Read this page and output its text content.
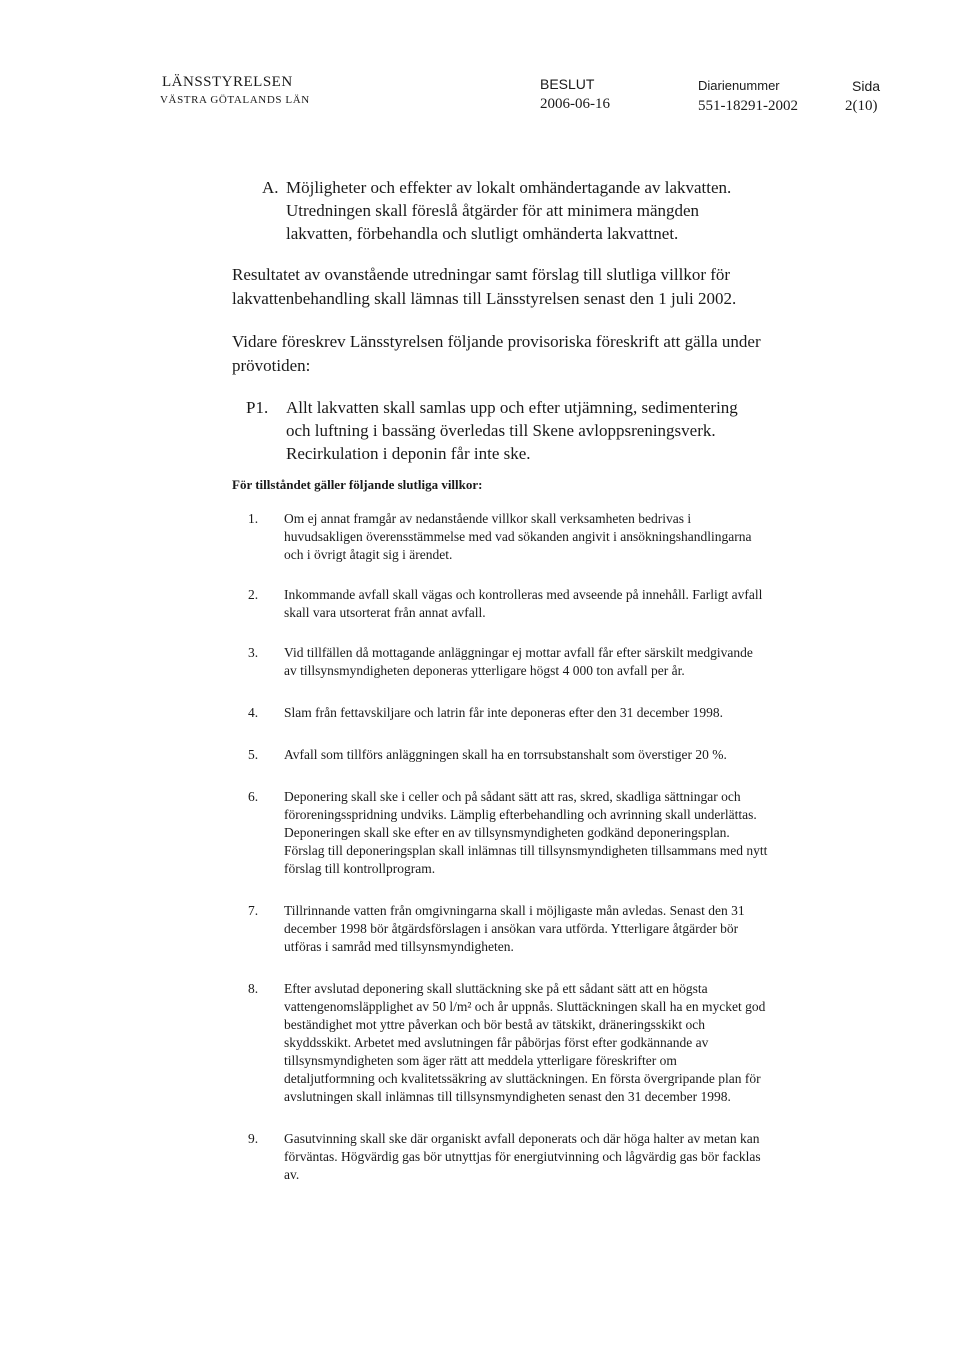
LÄNSSTYRELSEN
VÄSTRA GÖTALANDS LÄN
BESLUT
2006-06-16
Diarienummer
551-18291-2002
Sida
2(10)
A. Möjligheter och effekter av lokalt omhändertagande av lakvatten.
Utredningen skall föreslå åtgärder för att minimera mängden
lakvatten, förbehandla och slutligt omhänderta lakvattnet.
Resultatet av ovanstående utredningar samt förslag till slutliga villkor för lakvattenbehandling skall lämnas till Länsstyrelsen senast den 1 juli 2002.
Vidare föreskrev Länsstyrelsen följande provisoriska föreskrift att gälla under prövotiden:
P1. Allt lakvatten skall samlas upp och efter utjämning, sedimentering och luftning i bassäng överledas till Skene avloppsreningsverk. Recirkulation i deponin får inte ske.
För tillståndet gäller följande slutliga villkor:
1. Om ej annat framgår av nedanstående villkor skall verksamheten bedrivas i huvudsakligen överensstämmelse med vad sökanden angivit i ansökningshandlingarna och i övrigt åtagit sig i ärendet.
2. Inkommande avfall skall vägas och kontrolleras med avseende på innehåll. Farligt avfall skall vara utsorterat från annat avfall.
3. Vid tillfällen då mottagande anläggningar ej mottar avfall får efter särskilt medgivande av tillsynsmyndigheten deponeras ytterligare högst 4 000 ton avfall per år.
4. Slam från fettavskiljare och latrin får inte deponeras efter den 31 december 1998.
5. Avfall som tillförs anläggningen skall ha en torrsubstanshalt som överstiger 20 %.
6. Deponering skall ske i celler och på sådant sätt att ras, skred, skadliga sättningar och föroreningsspridning undviks. Lämplig efterbehandling och avrinning skall underlättas. Deponeringen skall ske efter en av tillsynsmyndigheten godkänd deponeringsplan. Förslag till deponeringsplan skall inlämnas till tillsynsmyndigheten tillsammans med nytt förslag till kontrollprogram.
7. Tillrinnande vatten från omgivningarna skall i möjligaste mån avledas. Senast den 31 december 1998 bör åtgärdsförslagen i ansökan vara utförda. Ytterligare åtgärder bör utföras i samråd med tillsynsmyndigheten.
8. Efter avslutad deponering skall sluttäckning ske på ett sådant sätt att en högsta vattengenomsläpplighet av 50 l/m² och år uppnås. Sluttäckningen skall ha en mycket god beständighet mot yttre påverkan och bör bestå av tätskikt, dräneringsskikt och skyddsskikt. Arbetet med avslutningen får påbörjas först efter godkännande av tillsynsmyndigheten som äger rätt att meddela ytterligare föreskrifter om detaljutformning och kvalitetssäkring av sluttäckningen. En första övergripande plan för avslutningen skall inlämnas till tillsynsmyndigheten senast den 31 december 1998.
9. Gasutvinning skall ske där organiskt avfall deponerats och där höga halter av metan kan förväntas. Högvärdig gas bör utnyttjas för energiutvinning och lågvärdig gas bör facklas av.
